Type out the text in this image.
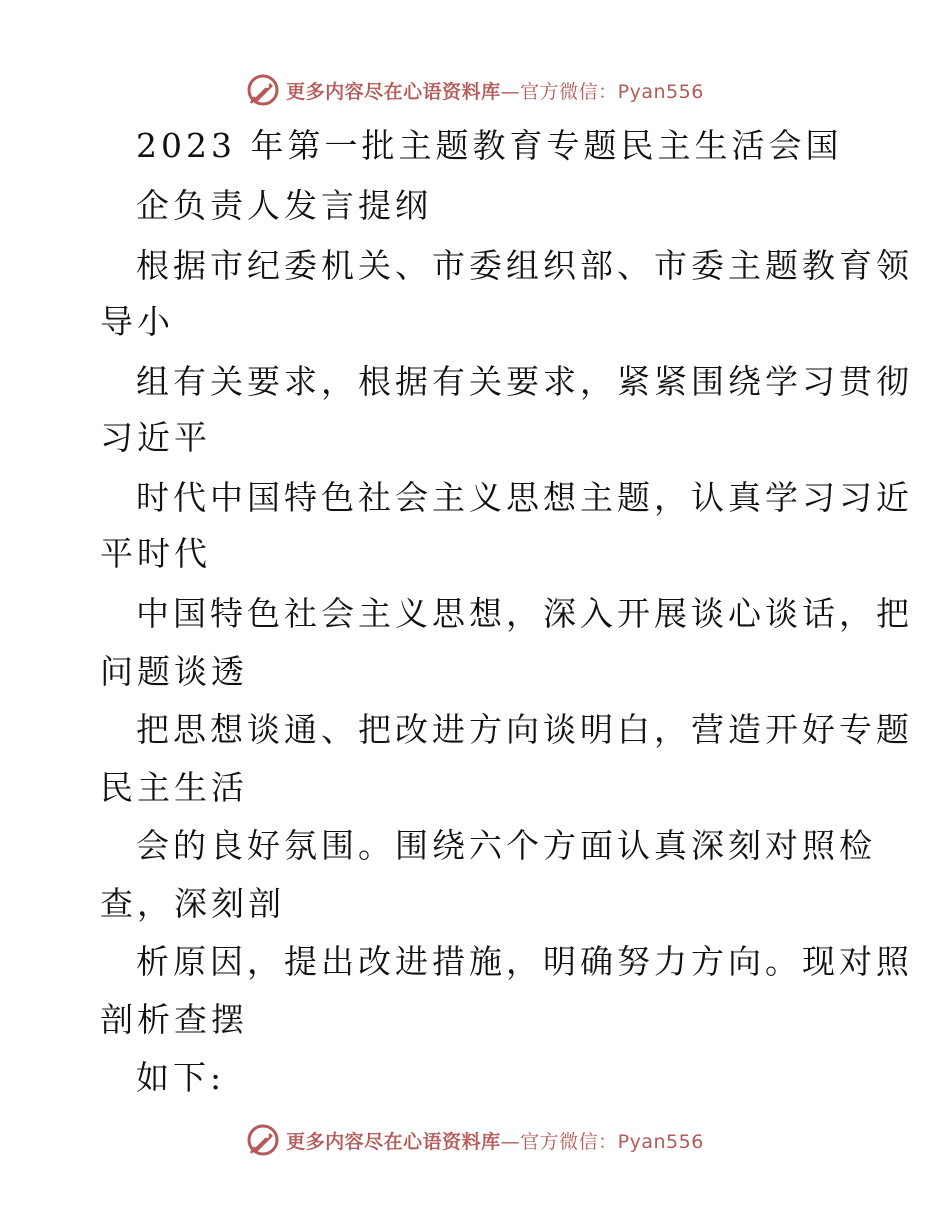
更多内容尽在心语资料库—官方微信：Pyan556
2023 年第一批主题教育专题民主生活会国
企负责人发言提纲
根据市纪委机关、市委组织部、市委主题教育领
导小
组有关要求，根据有关要求，紧紧围绕学习贯彻
习近平
时代中国特色社会主义思想主题，认真学习习近
平时代
中国特色社会主义思想，深入开展谈心谈话，把
问题谈透
把思想谈通、把改进方向谈明白，营造开好专题
民主生活
会的良好氛围。围绕六个方面认真深刻对照检
查，深刻剖
析原因，提出改进措施，明确努力方向。现对照
剖析查摆
如下:
更多内容尽在心语资料库—官方微信：Pyan556
